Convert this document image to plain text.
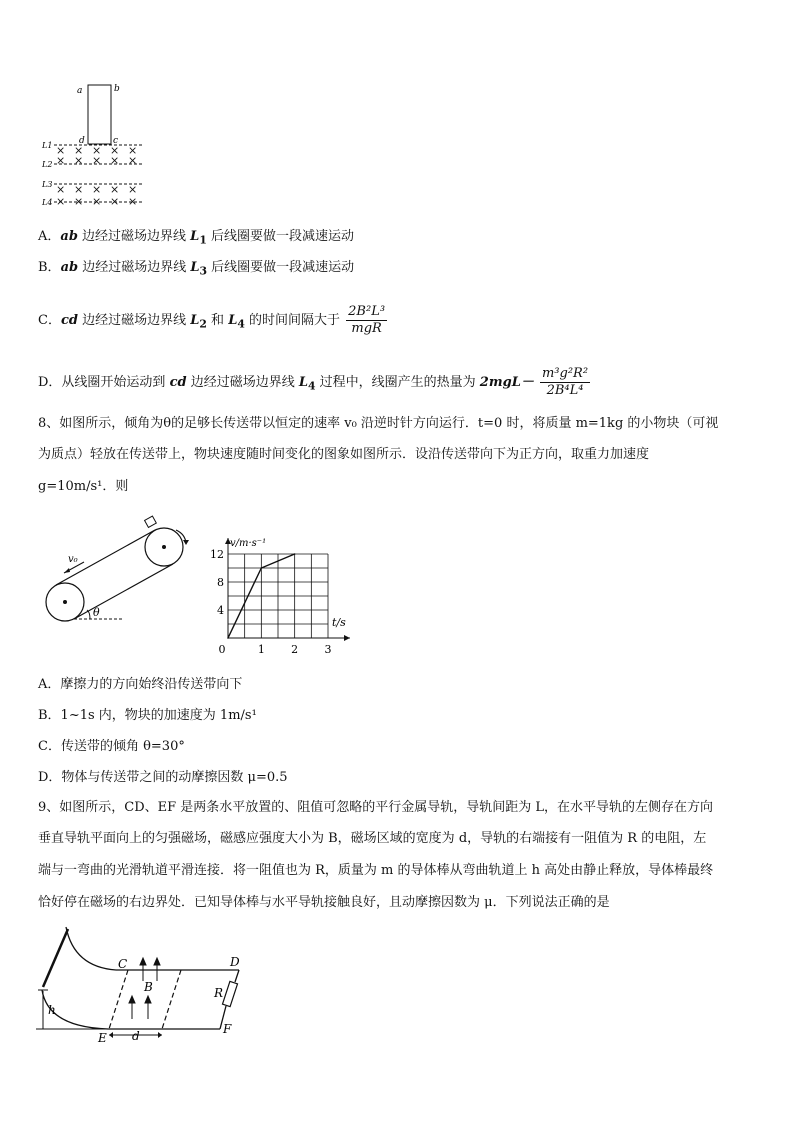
a	b
d	c
L1
L2
L3
L4
× × × × ×
× × × × ×
× × × × ×
× × × × ×
A．ab 边经过磁场边界线 $L_1$ 后线圈要做一段减速运动
B．ab 边经过磁场边界线 $L_3$ 后线圈要做一段减速运动
C．cd 边经过磁场边界线 $L_2$ 和 $L_4$ 的时间间隔大于 $\frac{\text{2B²L³}}{\text{mgR}}$
D．从线圈开始运动到 cd 边经过磁场边界线 $L_4$ 过程中，线圈产生的热量为 $2mgL- \frac{\text{m³g²R²}}{\text{2B⁴L⁴}}$
8、如图所示，倾角为θ的足够长传送带以恒定的速率 v₀ 沿逆时针方向运行．t=0 时，将质量 m=1kg 的小物块（可视
为质点）轻放在传送带上，物块速度随时间变化的图象如图所示．设沿传送带向下为正方向，取重力加速度
g=10m/s¹．则
v₀
θ	4
8
12
0	1 2 3
v/m·s⁻¹
t/s
A．摩擦力的方向始终沿传送带向下
B．1~1s 内，物块的加速度为 1m/s¹
C．传送带的倾角 θ=30°
D．物体与传送带之间的动摩擦因数 μ=0.5
9、如图所示，CD、EF 是两条水平放置的、阻值可忽略的平行金属导轨，导轨间距为 L，在水平导轨的左侧存在方向
垂直导轨平面向上的匀强磁场，磁感应强度大小为 B，磁场区域的宽度为 d，导轨的右端接有一阻值为 R 的电阻，左
端与一弯曲的光滑轨道平滑连接．将一阻值也为 R，质量为 m 的导体棒从弯曲轨道上 h 高处由静止释放，导体棒最终
恰好停在磁场的右边界处．已知导体棒与水平导轨接触良好，且动摩擦因数为 μ．下列说法正确的是
C	D
B	R
h
E
F
d
